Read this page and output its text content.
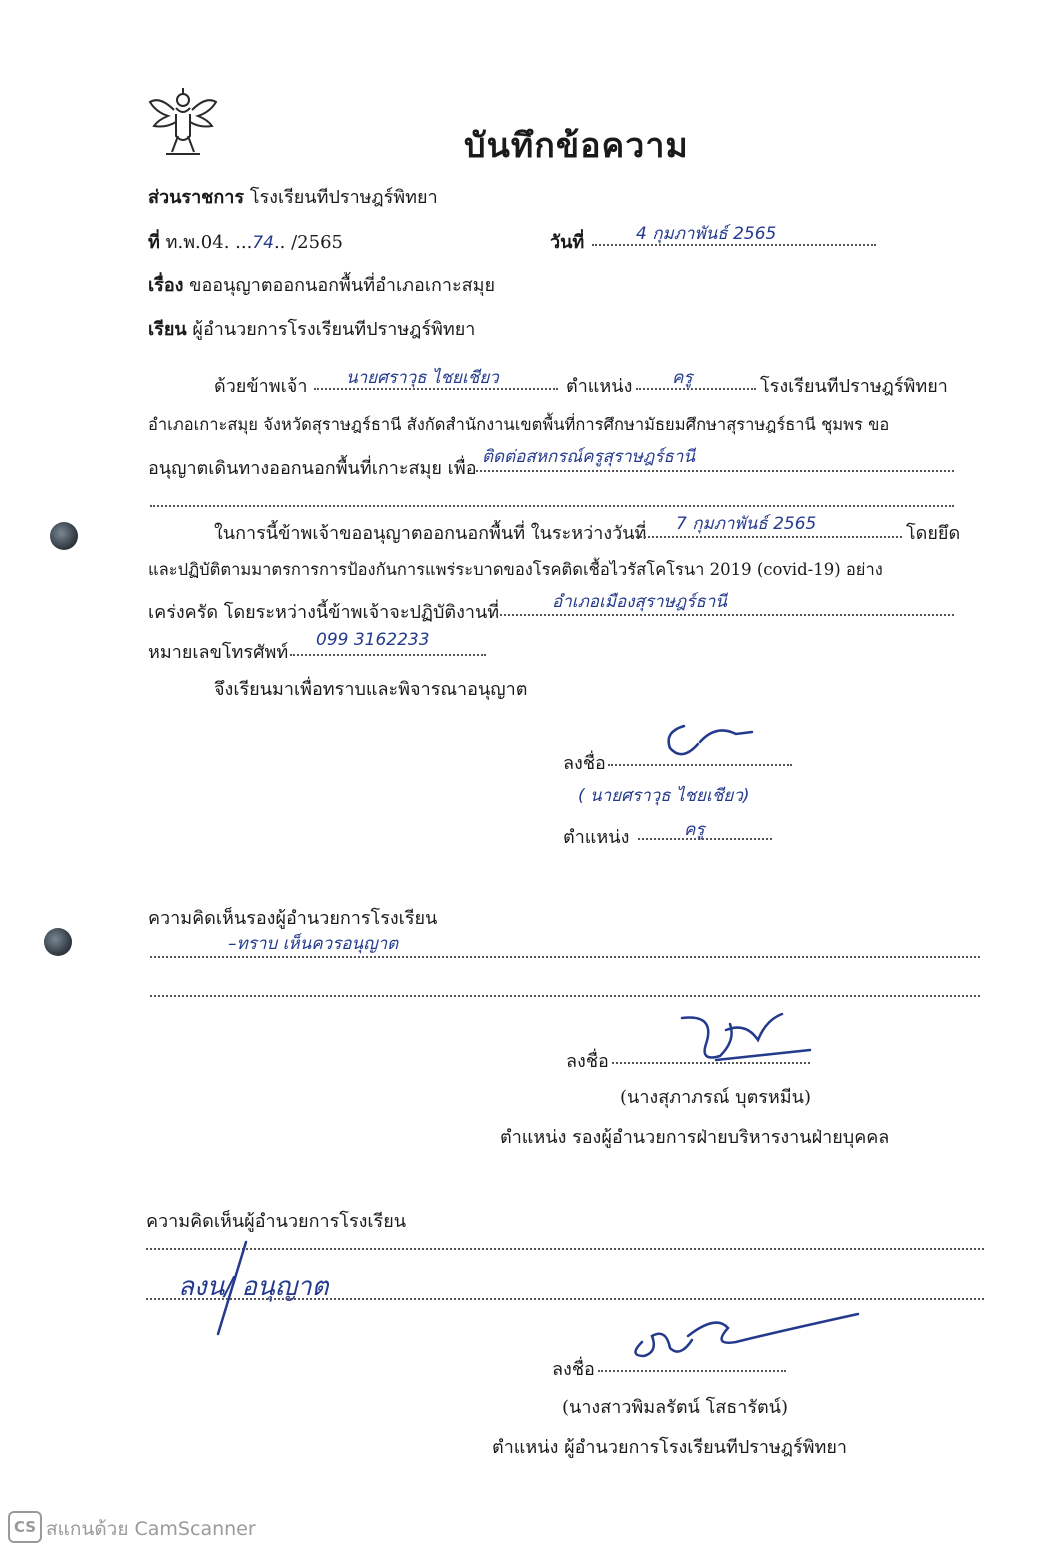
บันทึกข้อความ
ส่วนราชการ โรงเรียนทีปราษฎร์พิทยา
ที่ ท.พ.04. ...74.. /2565	วันที่	4 กุมภาพันธ์ 2565
เรื่อง ขออนุญาตออกนอกพื้นที่อำเภอเกาะสมุย
เรียน ผู้อำนวยการโรงเรียนทีปราษฎร์พิทยา
ด้วยข้าพเจ้า นายศราวุธ ไชยเชียว	ตำแหน่ง ครู	โรงเรียนทีปราษฎร์พิทยา
อำเภอเกาะสมุย จังหวัดสุราษฎร์ธานี สังกัดสำนักงานเขตพื้นที่การศึกษามัธยมศึกษาสุราษฎร์ธานี ชุมพร ขอ
อนุญาตเดินทางออกนอกพื้นที่เกาะสมุย เพื่อ
ติดต่อสหกรณ์ครูสุราษฎร์ธานี
ในการนี้ข้าพเจ้าขออนุญาตออกนอกพื้นที่ ในระหว่างวันที่ 7 กุมภาพันธ์ 2565	โดยยึด
และปฏิบัติตามมาตรการการป้องกันการแพร่ระบาดของโรคติดเชื้อไวรัสโคโรนา 2019 (covid-19) อย่าง
เคร่งครัด โดยระหว่างนี้ข้าพเจ้าจะปฏิบัติงานที่	อำเภอเมืองสุราษฎร์ธานี
หมายเลขโทรศัพท์
099 3162233
จึงเรียนมาเพื่อทราบและพิจารณาอนุญาต
ลงชื่อ
( นายศราวุธ ไชยเชียว)
ตำแหน่ง	ครู
ความคิดเห็นรองผู้อำนวยการโรงเรียน
–ทราบ เห็นควรอนุญาต
ลงชื่อ
(นางสุภาภรณ์ บุตรหมีน)
ตำแหน่ง รองผู้อำนวยการฝ่ายบริหารงานฝ่ายบุคคล
ความคิดเห็นผู้อำนวยการโรงเรียน
ลงน/ อนุญาต
ลงชื่อ
(นางสาวพิมลรัตน์ โสธารัตน์)
ตำแหน่ง ผู้อำนวยการโรงเรียนทีปราษฎร์พิทยา
CS สแกนด้วย CamScanner
